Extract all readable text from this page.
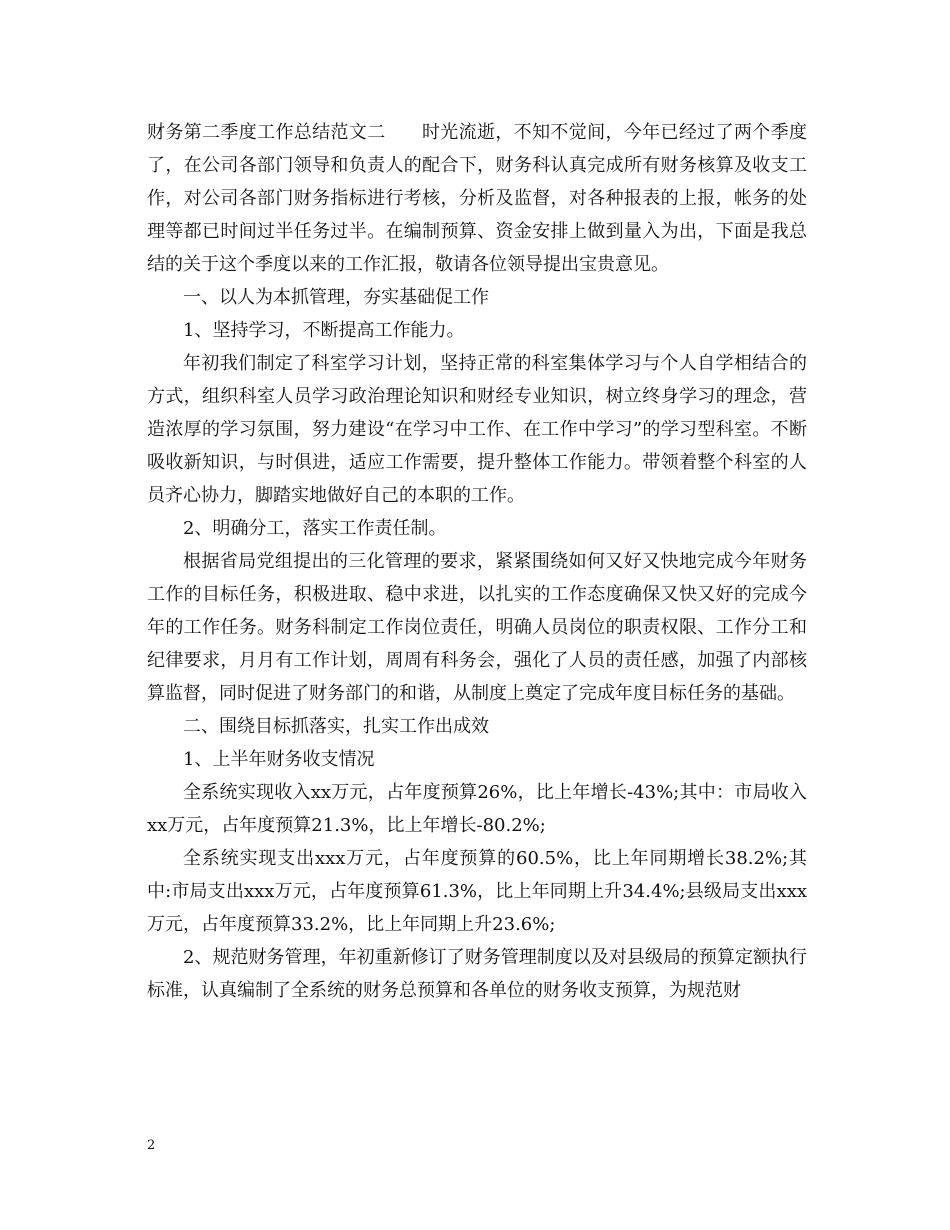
财务第二季度工作总结范文二 时光流逝，不知不觉间，今年已经过了两个季度了，在公司各部门领导和负责人的配合下，财务科认真完成所有财务核算及收支工作，对公司各部门财务指标进行考核，分析及监督，对各种报表的上报，帐务的处理等都已时间过半任务过半。在编制预算、资金安排上做到量入为出，下面是我总结的关于这个季度以来的工作汇报，敬请各位领导提出宝贵意见。

一、以人为本抓管理，夯实基础促工作

1、坚持学习，不断提高工作能力。

年初我们制定了科室学习计划，坚持正常的科室集体学习与个人自学相结合的方式，组织科室人员学习政治理论知识和财经专业知识，树立终身学习的理念，营造浓厚的学习氛围，努力建设“在学习中工作、在工作中学习”的学习型科室。不断吸收新知识，与时俱进，适应工作需要，提升整体工作能力。带领着整个科室的人员齐心协力，脚踏实地做好自己的本职的工作。

2、明确分工，落实工作责任制。

根据省局党组提出的三化管理的要求，紧紧围绕如何又好又快地完成今年财务工作的目标任务，积极进取、稳中求进，以扎实的工作态度确保又快又好的完成今年的工作任务。财务科制定工作岗位责任，明确人员岗位的职责权限、工作分工和纪律要求，月月有工作计划，周周有科务会，强化了人员的责任感，加强了内部核算监督，同时促进了财务部门的和谐，从制度上奠定了完成年度目标任务的基础。

二、围绕目标抓落实，扎实工作出成效

1、上半年财务收支情况

全系统实现收入xx万元，占年度预算26%，比上年增长-43%;其中：市局收入xx万元，占年度预算21.3%，比上年增长-80.2%;

全系统实现支出xxx万元，占年度预算的60.5%，比上年同期增长38.2%;其中:市局支出xxx万元，占年度预算61.3%，比上年同期上升34.4%;县级局支出xxx万元，占年度预算33.2%，比上年同期上升23.6%;

2、规范财务管理，年初重新修订了财务管理制度以及对县级局的预算定额执行标准，认真编制了全系统的财务总预算和各单位的财务收支预算，为规范财

2
